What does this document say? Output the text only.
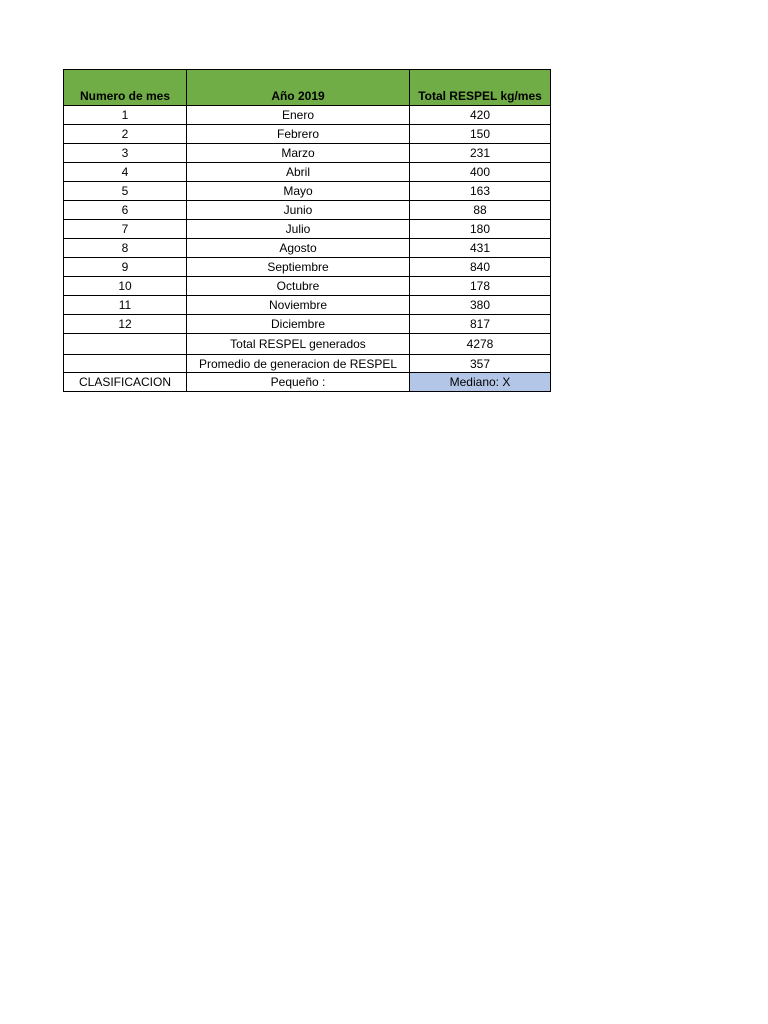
Numero de mes	Año 2019	Total RESPEL kg/mes
1	Enero	420
2	Febrero	150
3	Marzo	231
4	Abril	400
5	Mayo	163
6	Junio	88
7	Julio	180
8	Agosto	431
9	Septiembre	840
10	Octubre	178
11	Noviembre	380
12	Diciembre	817
	Total RESPEL generados	4278
	Promedio de generacion de RESPEL	357
CLASIFICACION	Pequeño :	Mediano: X
